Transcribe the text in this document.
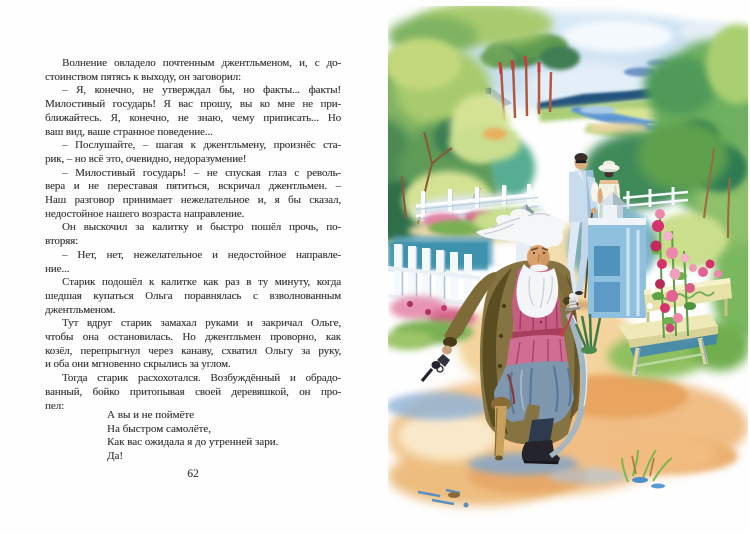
Волнение овладело почтенным джентльменом, и, с до-
стоинством пятясь к выходу, он заговорил:
– Я, конечно, не утверждал бы, но факты... факты!
Милостивый государь! Я вас прошу, вы ко мне не при-
ближайтесь. Я, конечно, не знаю, чему приписать... Но
ваш вид, ваше странное поведение...
– Послушайте, – шагая к джентльмену, произнёс ста-
рик, – но всё это, очевидно, недоразумение!
– Милостивый государь! – не спуская глаз с револь-
вера и не переставая пятиться, вскричал джентльмен. –
Наш разговор принимает нежелательное и, я бы сказал,
недостойное нашего возраста направление.
Он выскочил за калитку и быстро пошёл прочь, по-
вторяя:
– Нет, нет, нежелательное и недостойное направле-
ние...
Старик подошёл к калитке как раз в ту минуту, когда
шедшая купаться Ольга поравнялась с взволнованным
джентльменом.
Тут вдруг старик замахал руками и закричал Ольге,
чтобы она остановилась. Но джентльмен проворно, как
козёл, перепрыгнул через канаву, схватил Ольгу за руку,
и оба они мгновенно скрылись за углом.
Тогда старик расхохотался. Возбуждённый и обрадо-
ванный, бойко притопывая своей деревяшкой, он про-
пел:
А вы и не поймёте
На быстром самолёте,
Как вас ожидала я до утренней зари.
Да!
62
